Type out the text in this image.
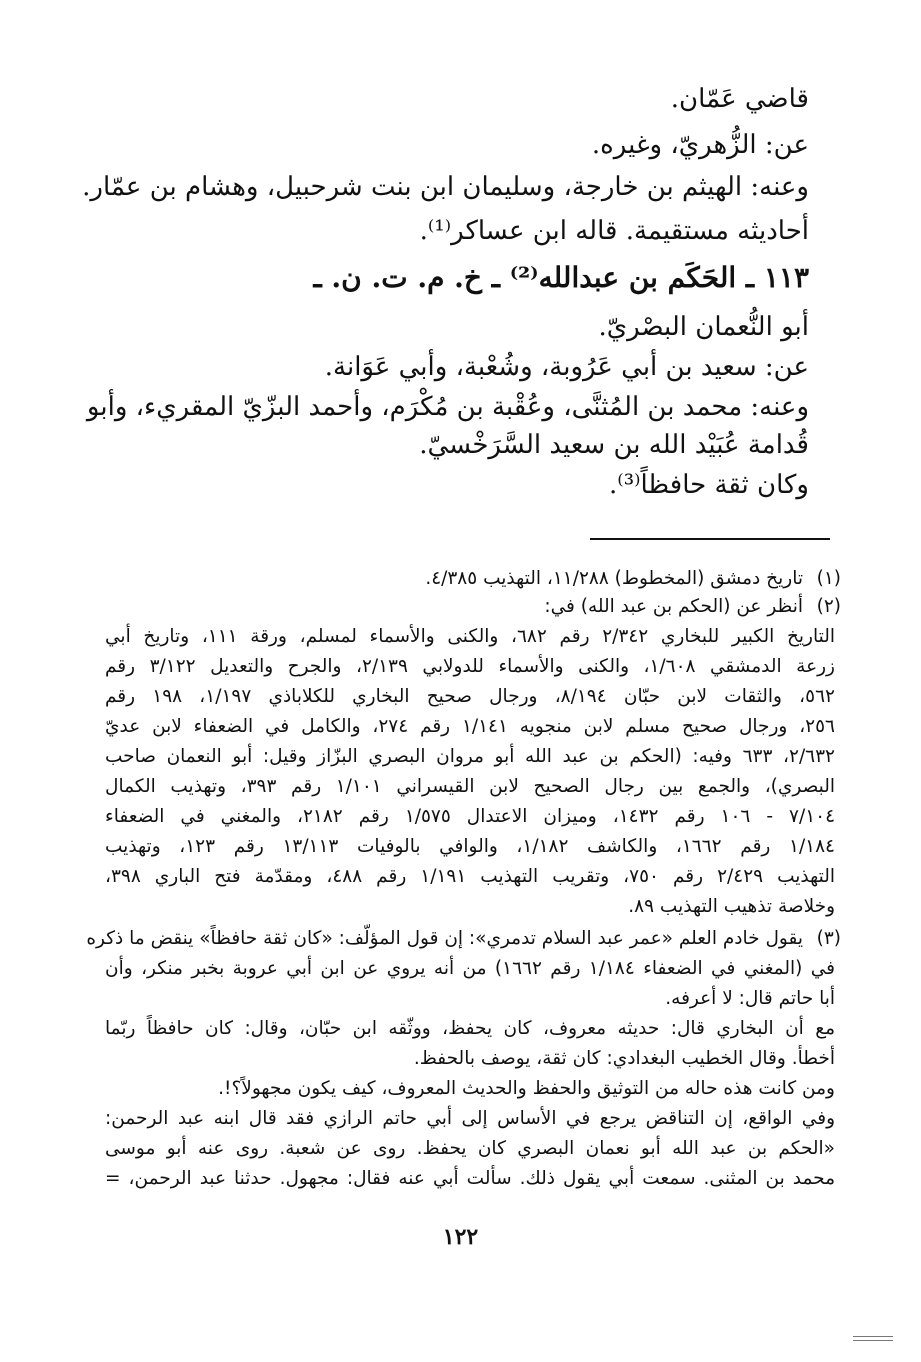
قاضي عَمّان.
عن: الزُّهريّ، وغيره.
وعنه: الهيثم بن خارجة، وسليمان ابن بنت شرحبيل، وهشام بن عمّار.
أحاديثه مستقيمة. قاله ابن عساكر⁽¹⁾.
١١٣ ـ الحَكَم بن عبدالله⁽²⁾ ـ خ. م. ت. ن. ـ
أبو النُّعمان البصْريّ.
عن: سعيد بن أبي عَرُوبة، وشُعْبة، وأبي عَوَانة.
وعنه: محمد بن المُثنَّى، وعُقْبة بن مُكْرَم، وأحمد البزّيّ المقريء، وأبو
قُدامة عُبَيْد الله بن سعيد السَّرَخْسيّ.
وكان ثقة حافظاً⁽³⁾.
(١)
تاريخ دمشق (المخطوط) ١١/٢٨٨، التهذيب ٤/٣٨٥.
(٢)
أنظر عن (الحكم بن عبد الله) في:
التاريخ الكبير للبخاري ٢/٣٤٢ رقم ٦٨٢، والكنى والأسماء لمسلم، ورقة ١١١، وتاريخ أبي
زرعة الدمشقي ١/٦٠٨، والكنى والأسماء للدولابي ٢/١٣٩، والجرح والتعديل ٣/١٢٢ رقم
٥٦٢، والثقات لابن حبّان ٨/١٩٤، ورجال صحيح البخاري للكلاباذي ١/١٩٧، ١٩٨ رقم
٢٥٦، ورجال صحيح مسلم لابن منجويه ١/١٤١ رقم ٢٧٤، والكامل في الضعفاء لابن عديّ
٢/٦٣٢، ٦٣٣ وفيه: (الحكم بن عبد الله أبو مروان البصري البزّاز وقيل: أبو النعمان صاحب
البصري)، والجمع بين رجال الصحيح لابن القيسراني ١/١٠١ رقم ٣٩٣، وتهذيب الكمال
٧/١٠٤ - ١٠٦ رقم ١٤٣٢، وميزان الاعتدال ١/٥٧٥ رقم ٢١٨٢، والمغني في الضعفاء
١/١٨٤ رقم ١٦٦٢، والكاشف ١/١٨٢، والوافي بالوفيات ١٣/١١٣ رقم ١٢٣، وتهذيب
التهذيب ٢/٤٢٩ رقم ٧٥٠، وتقريب التهذيب ١/١٩١ رقم ٤٨٨، ومقدّمة فتح الباري ٣٩٨،
وخلاصة تذهيب التهذيب ٨٩.
(٣)
يقول خادم العلم «عمر عبد السلام تدمري»: إن قول المؤلّف: «كان ثقة حافظاً» ينقض ما ذكره
في (المغني في الضعفاء ١/١٨٤ رقم ١٦٦٢) من أنه يروي عن ابن أبي عروبة بخبر منكر، وأن
أبا حاتم قال: لا أعرفه.
مع أن البخاري قال: حديثه معروف، كان يحفظ، ووثّقه ابن حبّان، وقال: كان حافظاً ربّما
أخطأ. وقال الخطيب البغدادي: كان ثقة، يوصف بالحفظ.
ومن كانت هذه حاله من التوثيق والحفظ والحديث المعروف، كيف يكون مجهولاً؟!.
وفي الواقع، إن التناقض يرجع في الأساس إلى أبي حاتم الرازي فقد قال ابنه عبد الرحمن:
«الحكم بن عبد الله أبو نعمان البصري كان يحفظ. روى عن شعبة. روى عنه أبو موسى
محمد بن المثنى. سمعت أبي يقول ذلك. سألت أبي عنه فقال: مجهول. حدثنا عبد الرحمن، =
١٢٢
